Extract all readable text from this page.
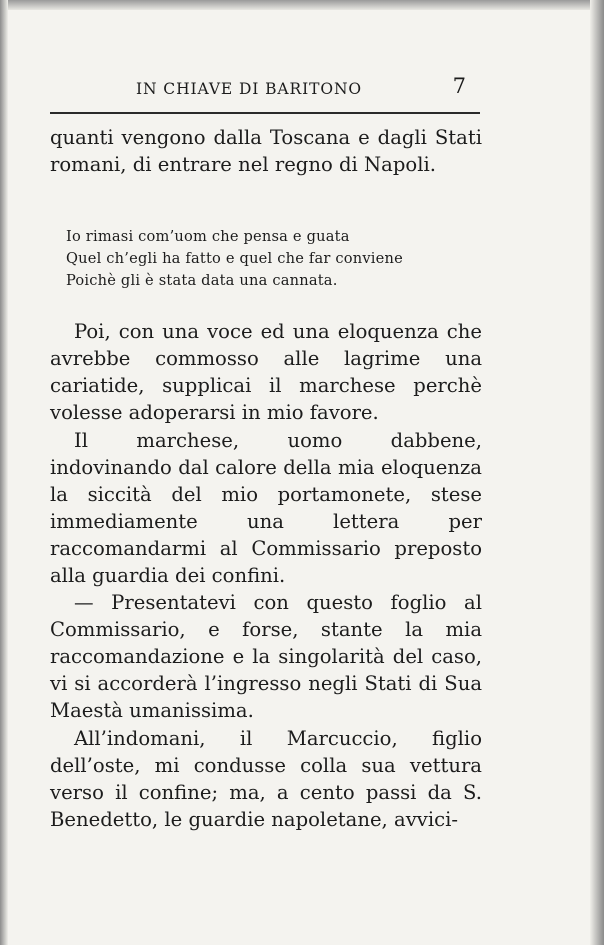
IN CHIAVE DI BARITONO	7

quanti vengono dalla Toscana e dagli Stati romani, di entrare nel regno di Napoli.

Io rimasi com’uom che pensa e guata
Quel ch’egli ha fatto e quel che far conviene
Poichè gli è stata data una cannata.

Poi, con una voce ed una eloquenza che avrebbe commosso alle lagrime una cariatide, supplicai il marchese perchè volesse adoperarsi in mio favore.

Il marchese, uomo dabbene, indovinando dal calore della mia eloquenza la siccità del mio portamonete, stese immediamente una lettera per raccomandarmi al Commissario preposto alla guardia dei confini.

— Presentatevi con questo foglio al Commissario, e forse, stante la mia raccomandazione e la singolarità del caso, vi si accorderà l’ingresso negli Stati di Sua Maestà umanissima.

All’indomani, il Marcuccio, figlio dell’oste, mi condusse colla sua vettura verso il confine; ma, a cento passi da S. Benedetto, le guardie napoletane, avvici-
